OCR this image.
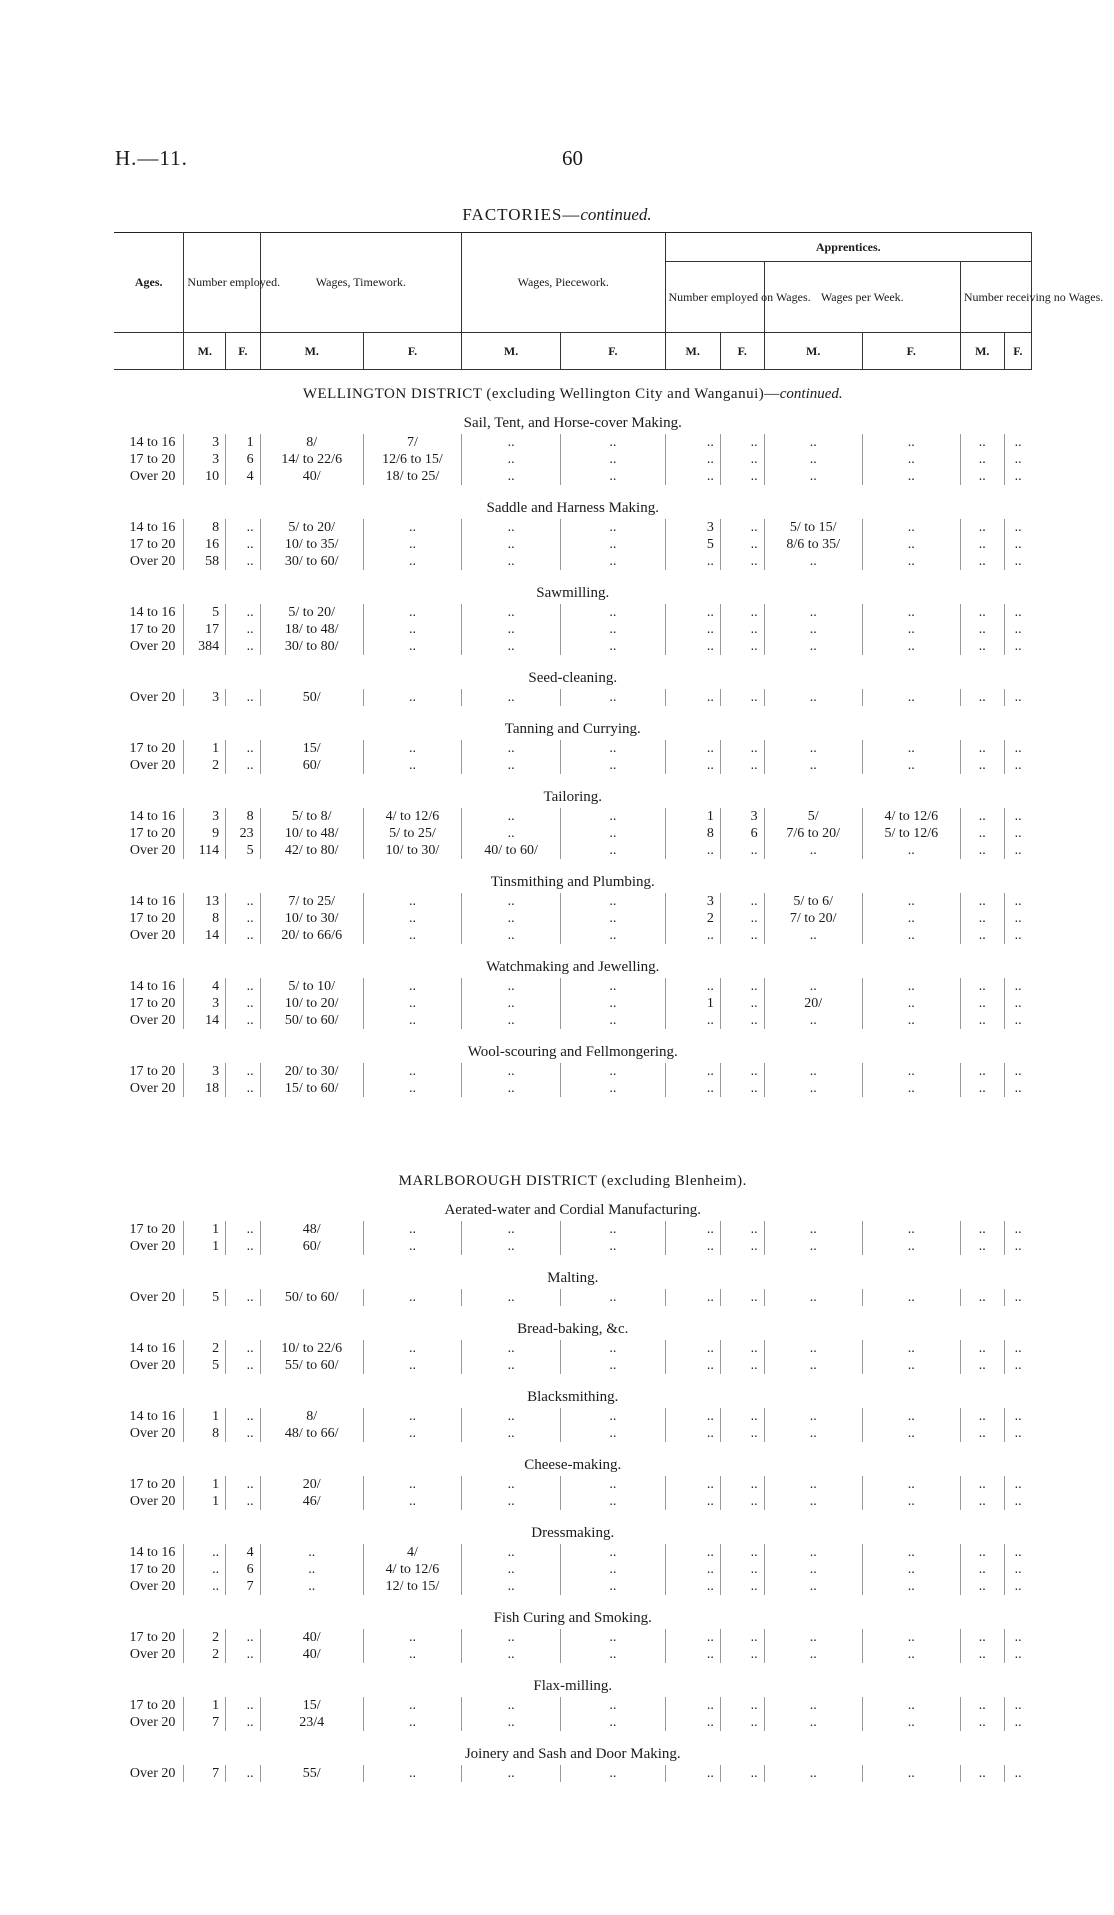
H.—11.	60
FACTORIES—continued.
Ages.	Number employed.		Wages, Timework.		Wages, Piecework.		Apprentices.					
							Number employed on Wages.		Wages per Week.		Number receiving no Wages.	
	M.	F.	M.	F.	M.	F.	M.	F.	M.	F.	M.	F.
WELLINGTON DISTRICT (excluding Wellington City and Wanganui)—continued.												
Sail, Tent, and Horse-cover Making.												
14 to 16	3	1	8/	7/	..	..	..	..	..	..	..	..
17 to 20	3	6	14/ to 22/6	12/6 to 15/	..	..	..	..	..	..	..	..
Over 20	10	4	40/	18/ to 25/	..	..	..	..	..	..	..	..

Saddle and Harness Making.												
14 to 16	8	..	5/ to 20/	..	..	..	3	..	5/ to 15/	..	..	..
17 to 20	16	..	10/ to 35/	..	..	..	5	..	8/6 to 35/	..	..	..
Over 20	58	..	30/ to 60/	..	..	..	..	..	..	..	..	..

Sawmilling.												
14 to 16	5	..	5/ to 20/	..	..	..	..	..	..	..	..	..
17 to 20	17	..	18/ to 48/	..	..	..	..	..	..	..	..	..
Over 20	384	..	30/ to 80/	..	..	..	..	..	..	..	..	..

Seed-cleaning.												
Over 20	3	..	50/	..	..	..	..	..	..	..	..	..

Tanning and Currying.												
17 to 20	1	..	15/	..	..	..	..	..	..	..	..	..
Over 20	2	..	60/	..	..	..	..	..	..	..	..	..

Tailoring.												
14 to 16	3	8	5/ to 8/	4/ to 12/6	..	..	1	3	5/	4/ to 12/6	..	..
17 to 20	9	23	10/ to 48/	5/ to 25/	..	..	8	6	7/6 to 20/	5/ to 12/6	..	..
Over 20	114	5	42/ to 80/	10/ to 30/	40/ to 60/	..	..	..	..	..	..	..

Tinsmithing and Plumbing.												
14 to 16	13	..	7/ to 25/	..	..	..	3	..	5/ to 6/	..	..	..
17 to 20	8	..	10/ to 30/	..	..	..	2	..	7/ to 20/	..	..	..
Over 20	14	..	20/ to 66/6	..	..	..	..	..	..	..	..	..

Watchmaking and Jewelling.												
14 to 16	4	..	5/ to 10/	..	..	..	..	..	..	..	..	..
17 to 20	3	..	10/ to 20/	..	..	..	1	..	20/	..	..	..
Over 20	14	..	50/ to 60/	..	..	..	..	..	..	..	..	..

Wool-scouring and Fellmongering.												
17 to 20	3	..	20/ to 30/	..	..	..	..	..	..	..	..	..
Over 20	18	..	15/ to 60/	..	..	..	..	..	..	..	..	..

MARLBOROUGH DISTRICT (excluding Blenheim).												
Aerated-water and Cordial Manufacturing.												
17 to 20	1	..	48/	..	..	..	..	..	..	..	..	..
Over 20	1	..	60/	..	..	..	..	..	..	..	..	..

Malting.												
Over 20	5	..	50/ to 60/	..	..	..	..	..	..	..	..	..

Bread-baking, &c.												
14 to 16	2	..	10/ to 22/6	..	..	..	..	..	..	..	..	..
Over 20	5	..	55/ to 60/	..	..	..	..	..	..	..	..	..

Blacksmithing.												
14 to 16	1	..	8/	..	..	..	..	..	..	..	..	..
Over 20	8	..	48/ to 66/	..	..	..	..	..	..	..	..	..

Cheese-making.												
17 to 20	1	..	20/	..	..	..	..	..	..	..	..	..
Over 20	1	..	46/	..	..	..	..	..	..	..	..	..

Dressmaking.												
14 to 16	..	4	..	4/	..	..	..	..	..	..	..	..
17 to 20	..	6	..	4/ to 12/6	..	..	..	..	..	..	..	..
Over 20	..	7	..	12/ to 15/	..	..	..	..	..	..	..	..

Fish Curing and Smoking.												
17 to 20	2	..	40/	..	..	..	..	..	..	..	..	..
Over 20	2	..	40/	..	..	..	..	..	..	..	..	..

Flax-milling.												
17 to 20	1	..	15/	..	..	..	..	..	..	..	..	..
Over 20	7	..	23/4	..	..	..	..	..	..	..	..	..

Joinery and Sash and Door Making.												
Over 20	7	..	55/	..	..	..	..	..	..	..	..	..
